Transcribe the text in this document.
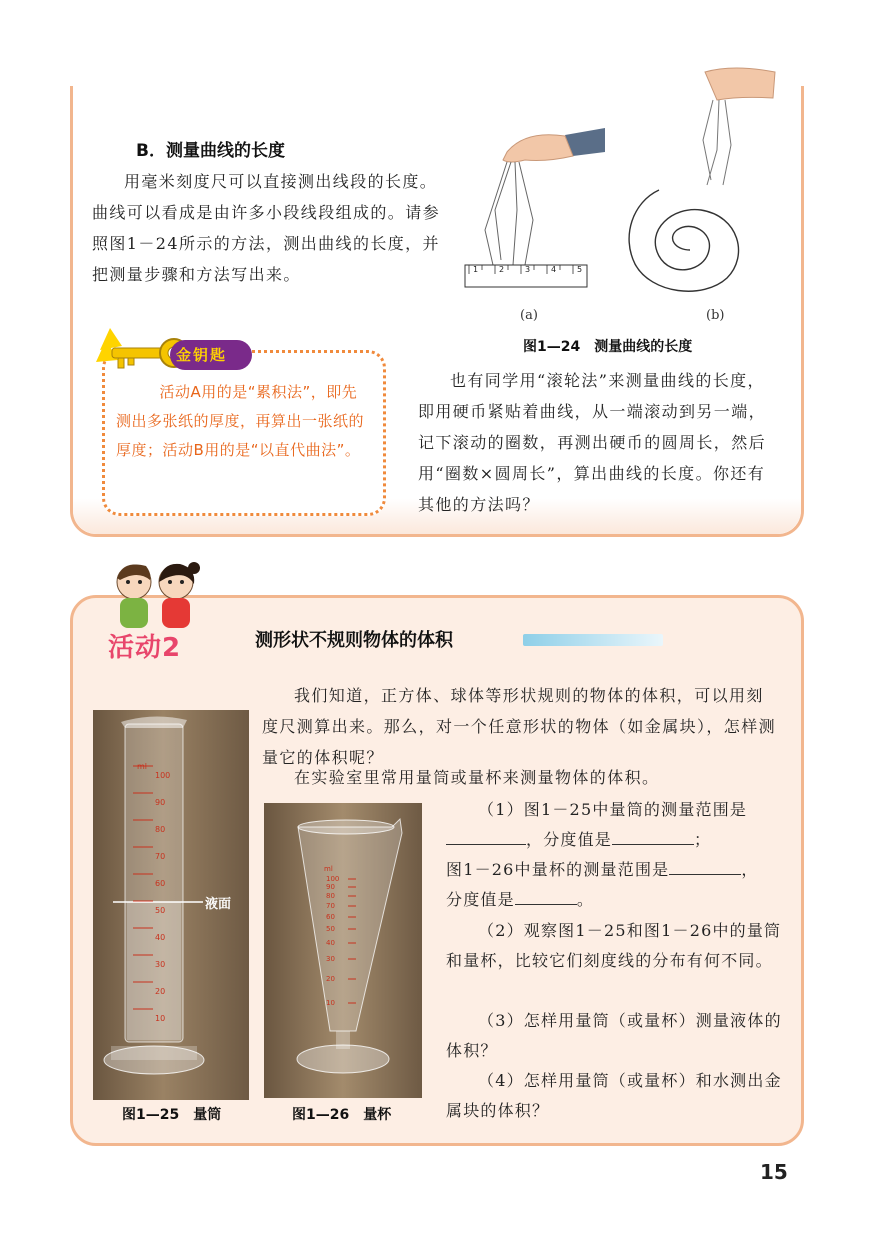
B．测量曲线的长度
用毫米刻度尺可以直接测出线段的长度。曲线可以看成是由许多小段线段组成的。请参照图1－24所示的方法，测出曲线的长度，并把测量步骤和方法写出来。	1	2	3	4	5
(a)	(b)
图1—24　测量曲线的长度
金钥匙
活动A用的是“累积法”，即先测出多张纸的厚度，再算出一张纸的厚度；活动B用的是“以直代曲法”。
也有同学用“滚轮法”来测量曲线的长度，即用硬币紧贴着曲线，从一端滚动到另一端，记下滚动的圈数，再测出硬币的圆周长，然后用“圈数×圆周长”，算出曲线的长度。你还有其他的方法吗？
活动2	测形状不规则物体的体积
我们知道，正方体、球体等形状规则的物体的体积，可以用刻度尺测算出来。那么，对一个任意形状的物体（如金属块），怎样测量它的体积呢？
在实验室里常用量筒或量杯来测量物体的体积。
（1）图1－25中量筒的测量范围是，分度值是	；
图1－26中量杯的测量范围是	，
分度值是	。
（2）观察图1－25和图1－26中的量筒和量杯，比较它们刻度线的分布有何不同。
（3）怎样用量筒（或量杯）测量液体的体积？
（4）怎样用量筒（或量杯）和水测出金属块的体积？
ml
100
90
80
70
60
50
40
30
20
10
液面
图1—25　量筒
ml
100
90
80
70
60
50
40
30
20
10
图1—26　量杯
15
